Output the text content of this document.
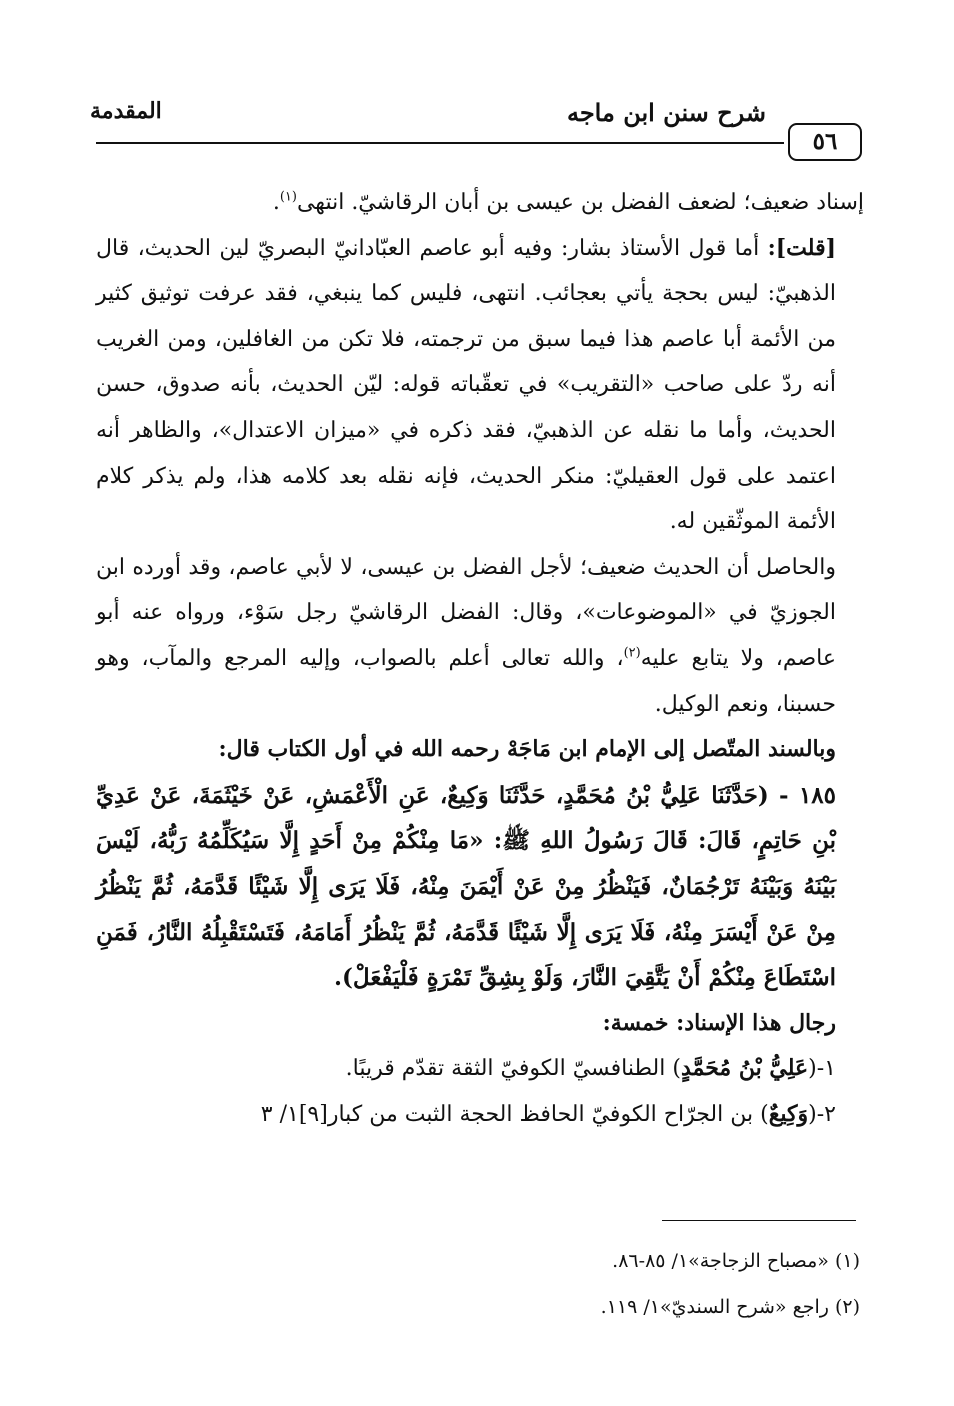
المقدمة	شرح سنن ابن ماجه
٥٦

إسناد ضعيف؛ لضعف الفضل بن عيسى بن أبان الرقاشيّ. انتهى$^{(١)}$.

[قلت]: أما قول الأستاذ بشار: وفيه أبو عاصم العبّادانيّ البصريّ لين الحديث، قال الذهبيّ: ليس بحجة يأتي بعجائب. انتهى، فليس كما ينبغي، فقد عرفت توثيق كثير من الأئمة أبا عاصم هذا فيما سبق من ترجمته، فلا تكن من الغافلين، ومن الغريب أنه ردّ على صاحب «التقريب» في تعقّباته قوله: ليّن الحديث، بأنه صدوق، حسن الحديث، وأما ما نقله عن الذهبيّ، فقد ذكره في «ميزان الاعتدال»، والظاهر أنه اعتمد على قول العقيليّ: منكر الحديث، فإنه نقله بعد كلامه هذا، ولم يذكر كلام الأئمة الموثّقين له.

والحاصل أن الحديث ضعيف؛ لأجل الفضل بن عيسى، لا لأبي عاصم، وقد أورده ابن الجوزيّ في «الموضوعات»، وقال: الفضل الرقاشيّ رجل سَوْء، ورواه عنه أبو عاصم، ولا يتابع عليه$^{(٢)}$، والله تعالى أعلم بالصواب، وإليه المرجع والمآب، وهو حسبنا، ونعم الوكيل.

وبالسند المتّصل إلى الإمام ابن مَاجَهْ رحمه الله في أول الكتاب قال:

١٨٥ - (حَدَّثَنَا عَلِيُّ بْنُ مُحَمَّدٍ، حَدَّثَنَا وَكِيعٌ، عَنِ الْأَعْمَشِ، عَنْ خَيْثَمَةَ، عَنْ عَدِيِّ بْنِ حَاتِمٍ، قَالَ: قَالَ رَسُولُ اللهِ ﷺ: «مَا مِنْكُمْ مِنْ أَحَدٍ إِلَّا سَيُكَلِّمُهُ رَبُّهُ، لَيْسَ بَيْنَهُ وَبَيْنَهُ تَرْجُمَانٌ، فَيَنْظُرُ مِنْ عَنْ أَيْمَنَ مِنْهُ، فَلَا يَرَى إِلَّا شَيْئًا قَدَّمَهُ، ثُمَّ يَنْظُرُ مِنْ عَنْ أَيْسَرَ مِنْهُ، فَلَا يَرَى إِلَّا شَيْئًا قَدَّمَهُ، ثُمَّ يَنْظُرُ أَمَامَهُ، فَتَسْتَقْبِلُهُ النَّارُ، فَمَنِ اسْتَطَاعَ مِنْكُمْ أَنْ يَتَّقِيَ النَّارَ، وَلَوْ بِشِقِّ تَمْرَةٍ فَلْيَفْعَلْ).

رجال هذا الإسناد: خمسة:

١-(عَلِيُّ بْنُ مُحَمَّدٍ) الطنافسيّ الكوفيّ الثقة تقدّم قريبًا.

٢-(وَكِيعٌ) بن الجرّاح الكوفيّ الحافظ الحجة الثبت من كبار[٩]١/ ٣

(١) «مصباح الزجاجة»١/ ٨٥-٨٦.

(٢) راجع «شرح السنديّ»١/ ١١٩.
